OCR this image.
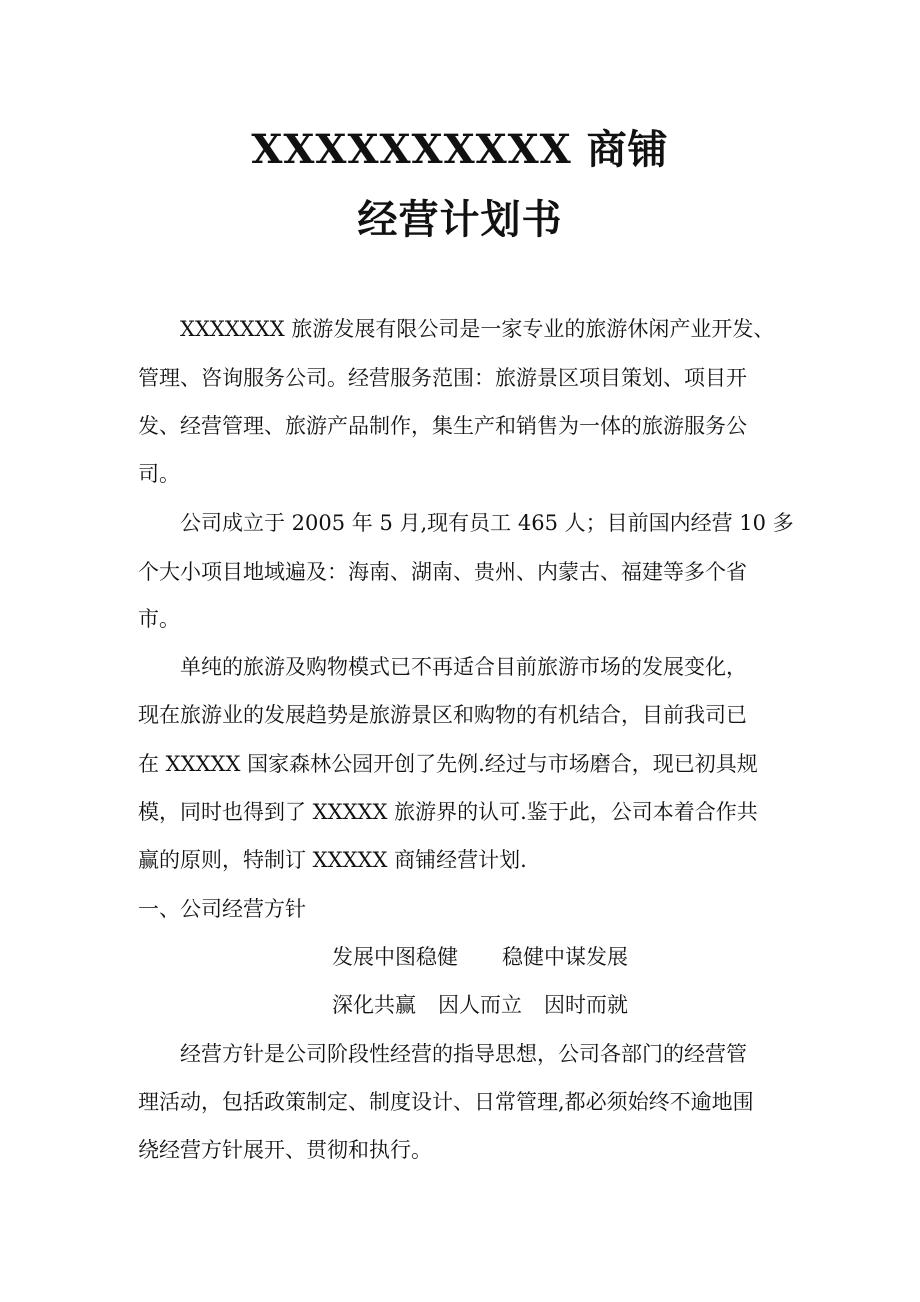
XXXXXXXXXX 商铺
经营计划书
XXXXXXX 旅游发展有限公司是一家专业的旅游休闲产业开发、
管理、咨询服务公司。经营服务范围：旅游景区项目策划、项目开
发、经营管理、旅游产品制作，集生产和销售为一体的旅游服务公
司。
公司成立于 2005 年 5 月,现有员工 465 人；目前国内经营 10 多
个大小项目地域遍及：海南、湖南、贵州、内蒙古、福建等多个省
市。
单纯的旅游及购物模式已不再适合目前旅游市场的发展变化，
现在旅游业的发展趋势是旅游景区和购物的有机结合，目前我司已
在 XXXXX 国家森林公园开创了先例.经过与市场磨合，现已初具规
模，同时也得到了 XXXXX 旅游界的认可.鉴于此，公司本着合作共
赢的原则，特制订 XXXXX 商铺经营计划.
一、公司经营方针
发展中图稳健 稳健中谋发展
深化共赢 因人而立 因时而就
经营方针是公司阶段性经营的指导思想，公司各部门的经营管
理活动，包括政策制定、制度设计、日常管理,都必须始终不逾地围
绕经营方针展开、贯彻和执行。
